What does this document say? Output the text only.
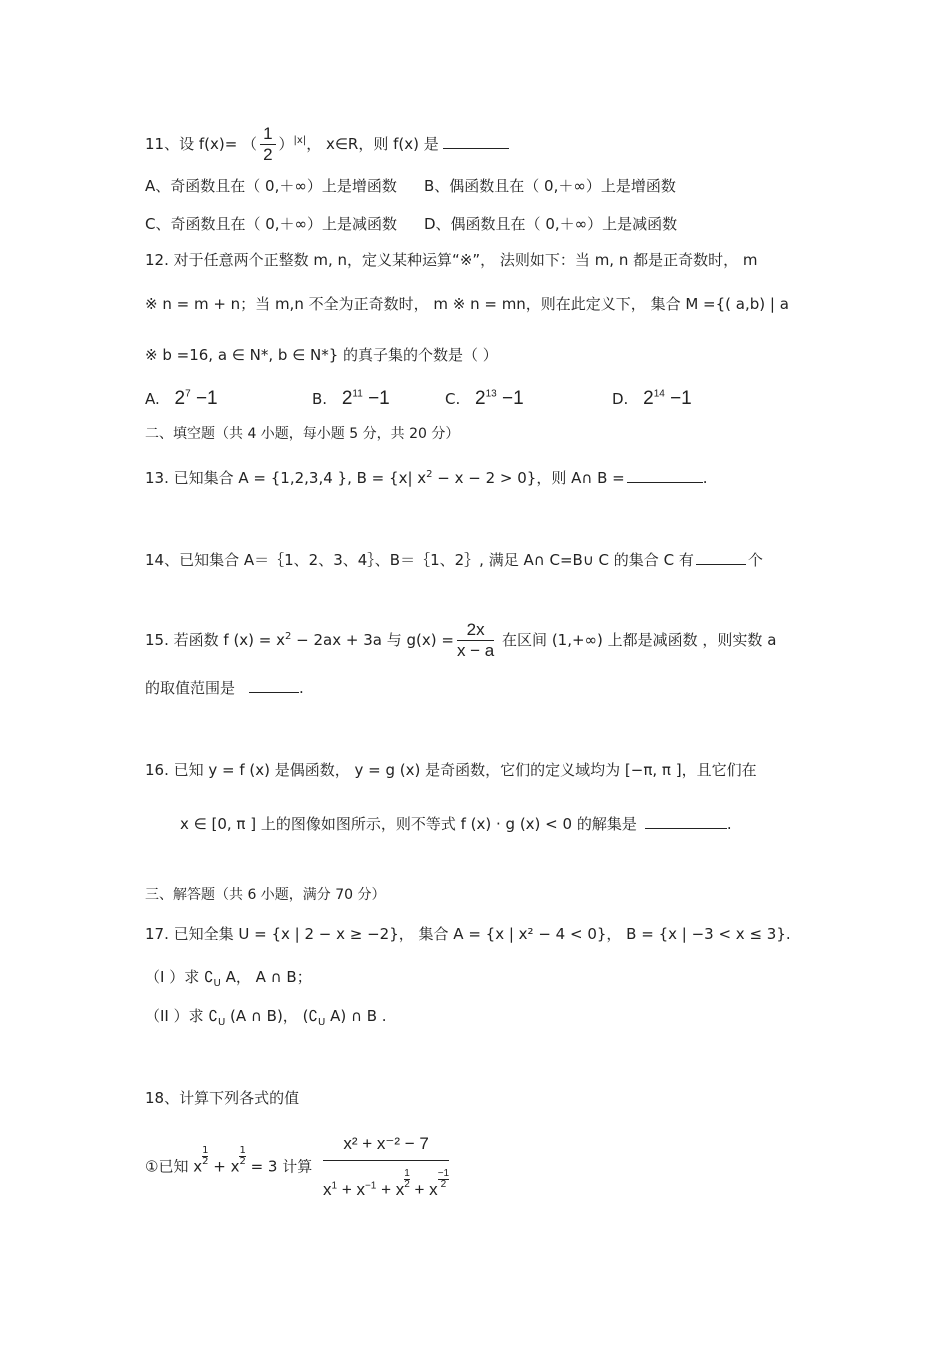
11、设 f(x)= （ $\frac{1}{2} )^{|x|}$， x∈R，则 f(x) 是
A、奇函数且在（ 0,＋∞）上是增函数 B、偶函数且在（ 0,＋∞）上是增函数
C、奇函数且在（ 0,＋∞）上是减函数 D、偶函数且在（ 0,＋∞）上是减函数
12. 对于任意两个正整数 m, n，定义某种运算“※”， 法则如下：当 m, n 都是正奇数时， m
※ n = m + n；当 m,n 不全为正奇数时， m ※ n = mn，则在此定义下， 集合 M ={( a,b) | a
※ b =16, a ∈ N*, b ∈ N*} 的真子集的个数是（ ）
A. $2^7 -1$	B. $2^{11} -1$	C. $2^{13} -1$	D. $2^{14} -1$
二、填空题（共 4 小题，每小题 5 分，共 20 分）
13. 已知集合 A = {1,2,3,4 }, B = {x| $x^2 - x - 2 > 0$}，则 A∩ B =	.
14、已知集合 A＝｛1、2、3、4｝、B＝｛1、2｝, 满足 A∩ C=B∪ C 的集合 C 有	个
15. 若函数 f $(x) = x^2 - 2ax + 3a$ 与 $g(x) = \frac{2x}{x - a}$ 在区间 (1,+∞) 上都是减函数 ，则实数 a
的取值范围是	.
16. 已知 y = f (x) 是偶函数， y = g (x) 是奇函数，它们的定义域均为 [−π, π ]，且它们在
x ∈ [0, π ] 上的图像如图所示，则不等式 f (x) · g (x) < 0 的解集是	.
三、解答题（共 6 小题，满分 70 分）
17. 已知全集 U = {x | 2 − x ≥ −2}， 集合 A = {x | x² − 4 < 0}， B = {x | −3 < x ≤ 3}.
（I ）求 $∁_U$ A， A ∩ B；
（II ）求 $∁_U$ (A ∩ B)， ($∁_U$ A) ∩ B .
18、计算下列各式的值
①已知 x $\frac{1}{2} + x \frac{1}{2} = 3$ 计算 $\frac{\text{x² + x⁻² − 7}}{x^1 + x^{-1} + x \frac{1}{2} + x \frac{-1}{2}}$
